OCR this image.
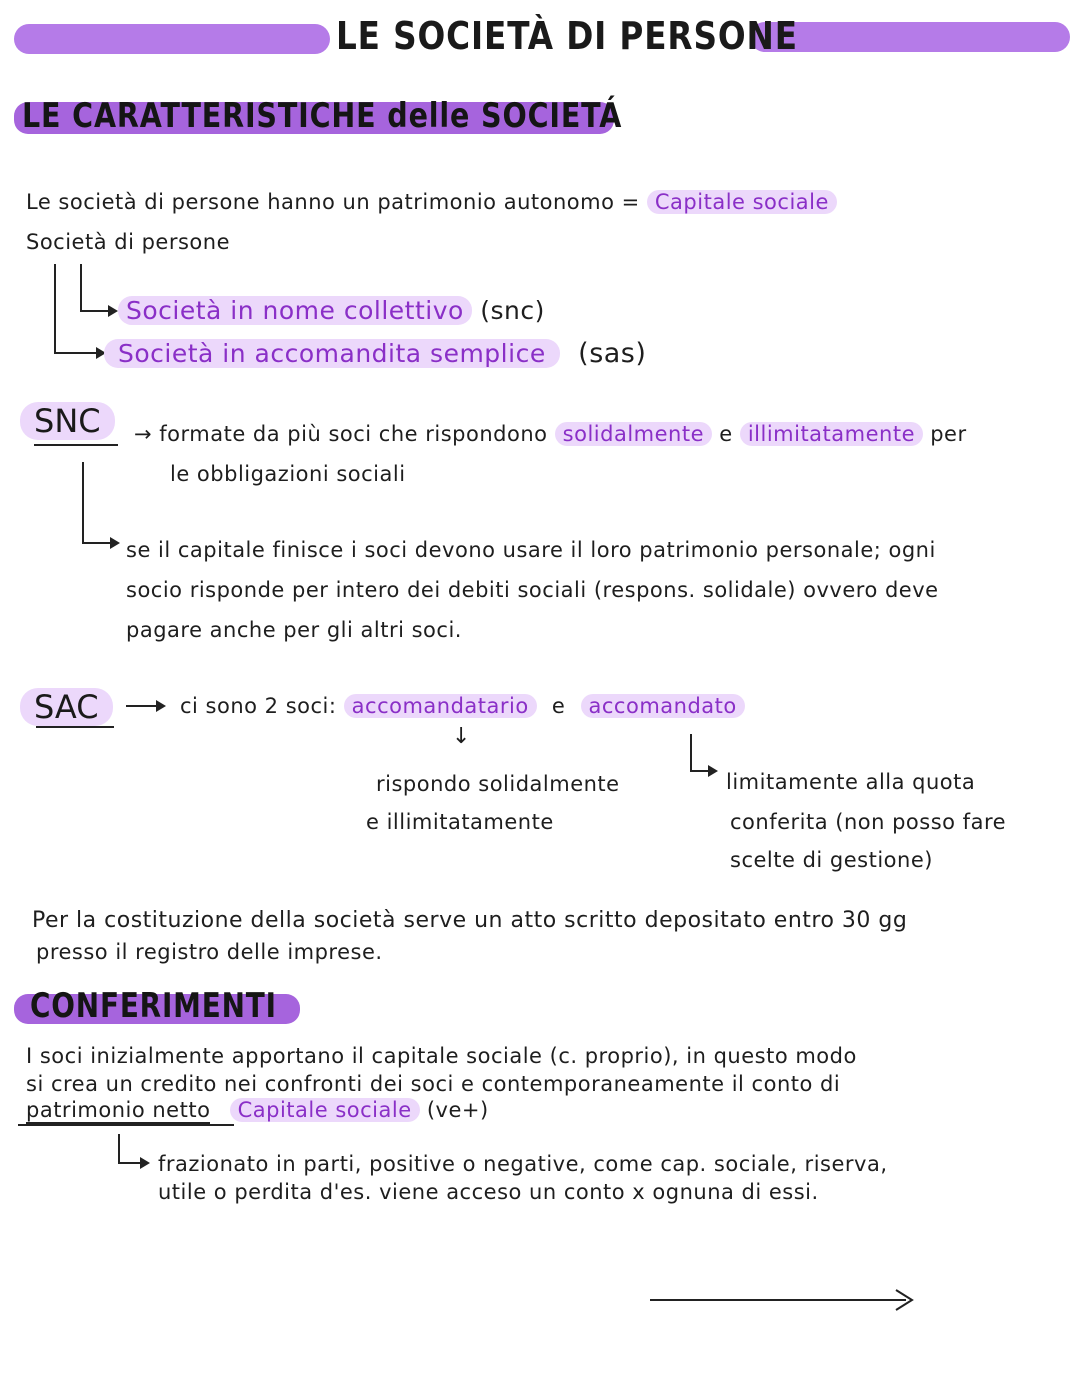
LE SOCIETÀ DI PERSONE
LE CARATTERISTICHE delle SOCIETÁ
Le società di persone hanno un patrimonio autonomo = Capitale sociale
Società di persone
Società in nome collettivo (snc)
Società in accomandita semplice (sas)
SNC	→ formate da più soci che rispondono solidalmente e illimitatamente per
le obbligazioni sociali
se il capitale finisce i soci devono usare il loro patrimonio personale; ogni
socio risponde per intero dei debiti sociali (respons. solidale) ovvero deve
pagare anche per gli altri soci.
SAC	ci sono 2 soci: accomandatario e accomandato
↓
rispondo solidalmente
e illimitatamente
limitamente alla quota
conferita (non posso fare
scelte di gestione)
Per la costituzione della società serve un atto scritto depositato entro 30 gg
presso il registro delle imprese.
CONFERIMENTI
I soci inizialmente apportano il capitale sociale (c. proprio), in questo modo
si crea un credito nei confronti dei soci e contemporaneamente il conto di
patrimonio netto Capitale sociale (ve+)
frazionato in parti, positive o negative, come cap. sociale, riserva,
utile o perdita d'es. viene acceso un conto x ognuna di essi.
